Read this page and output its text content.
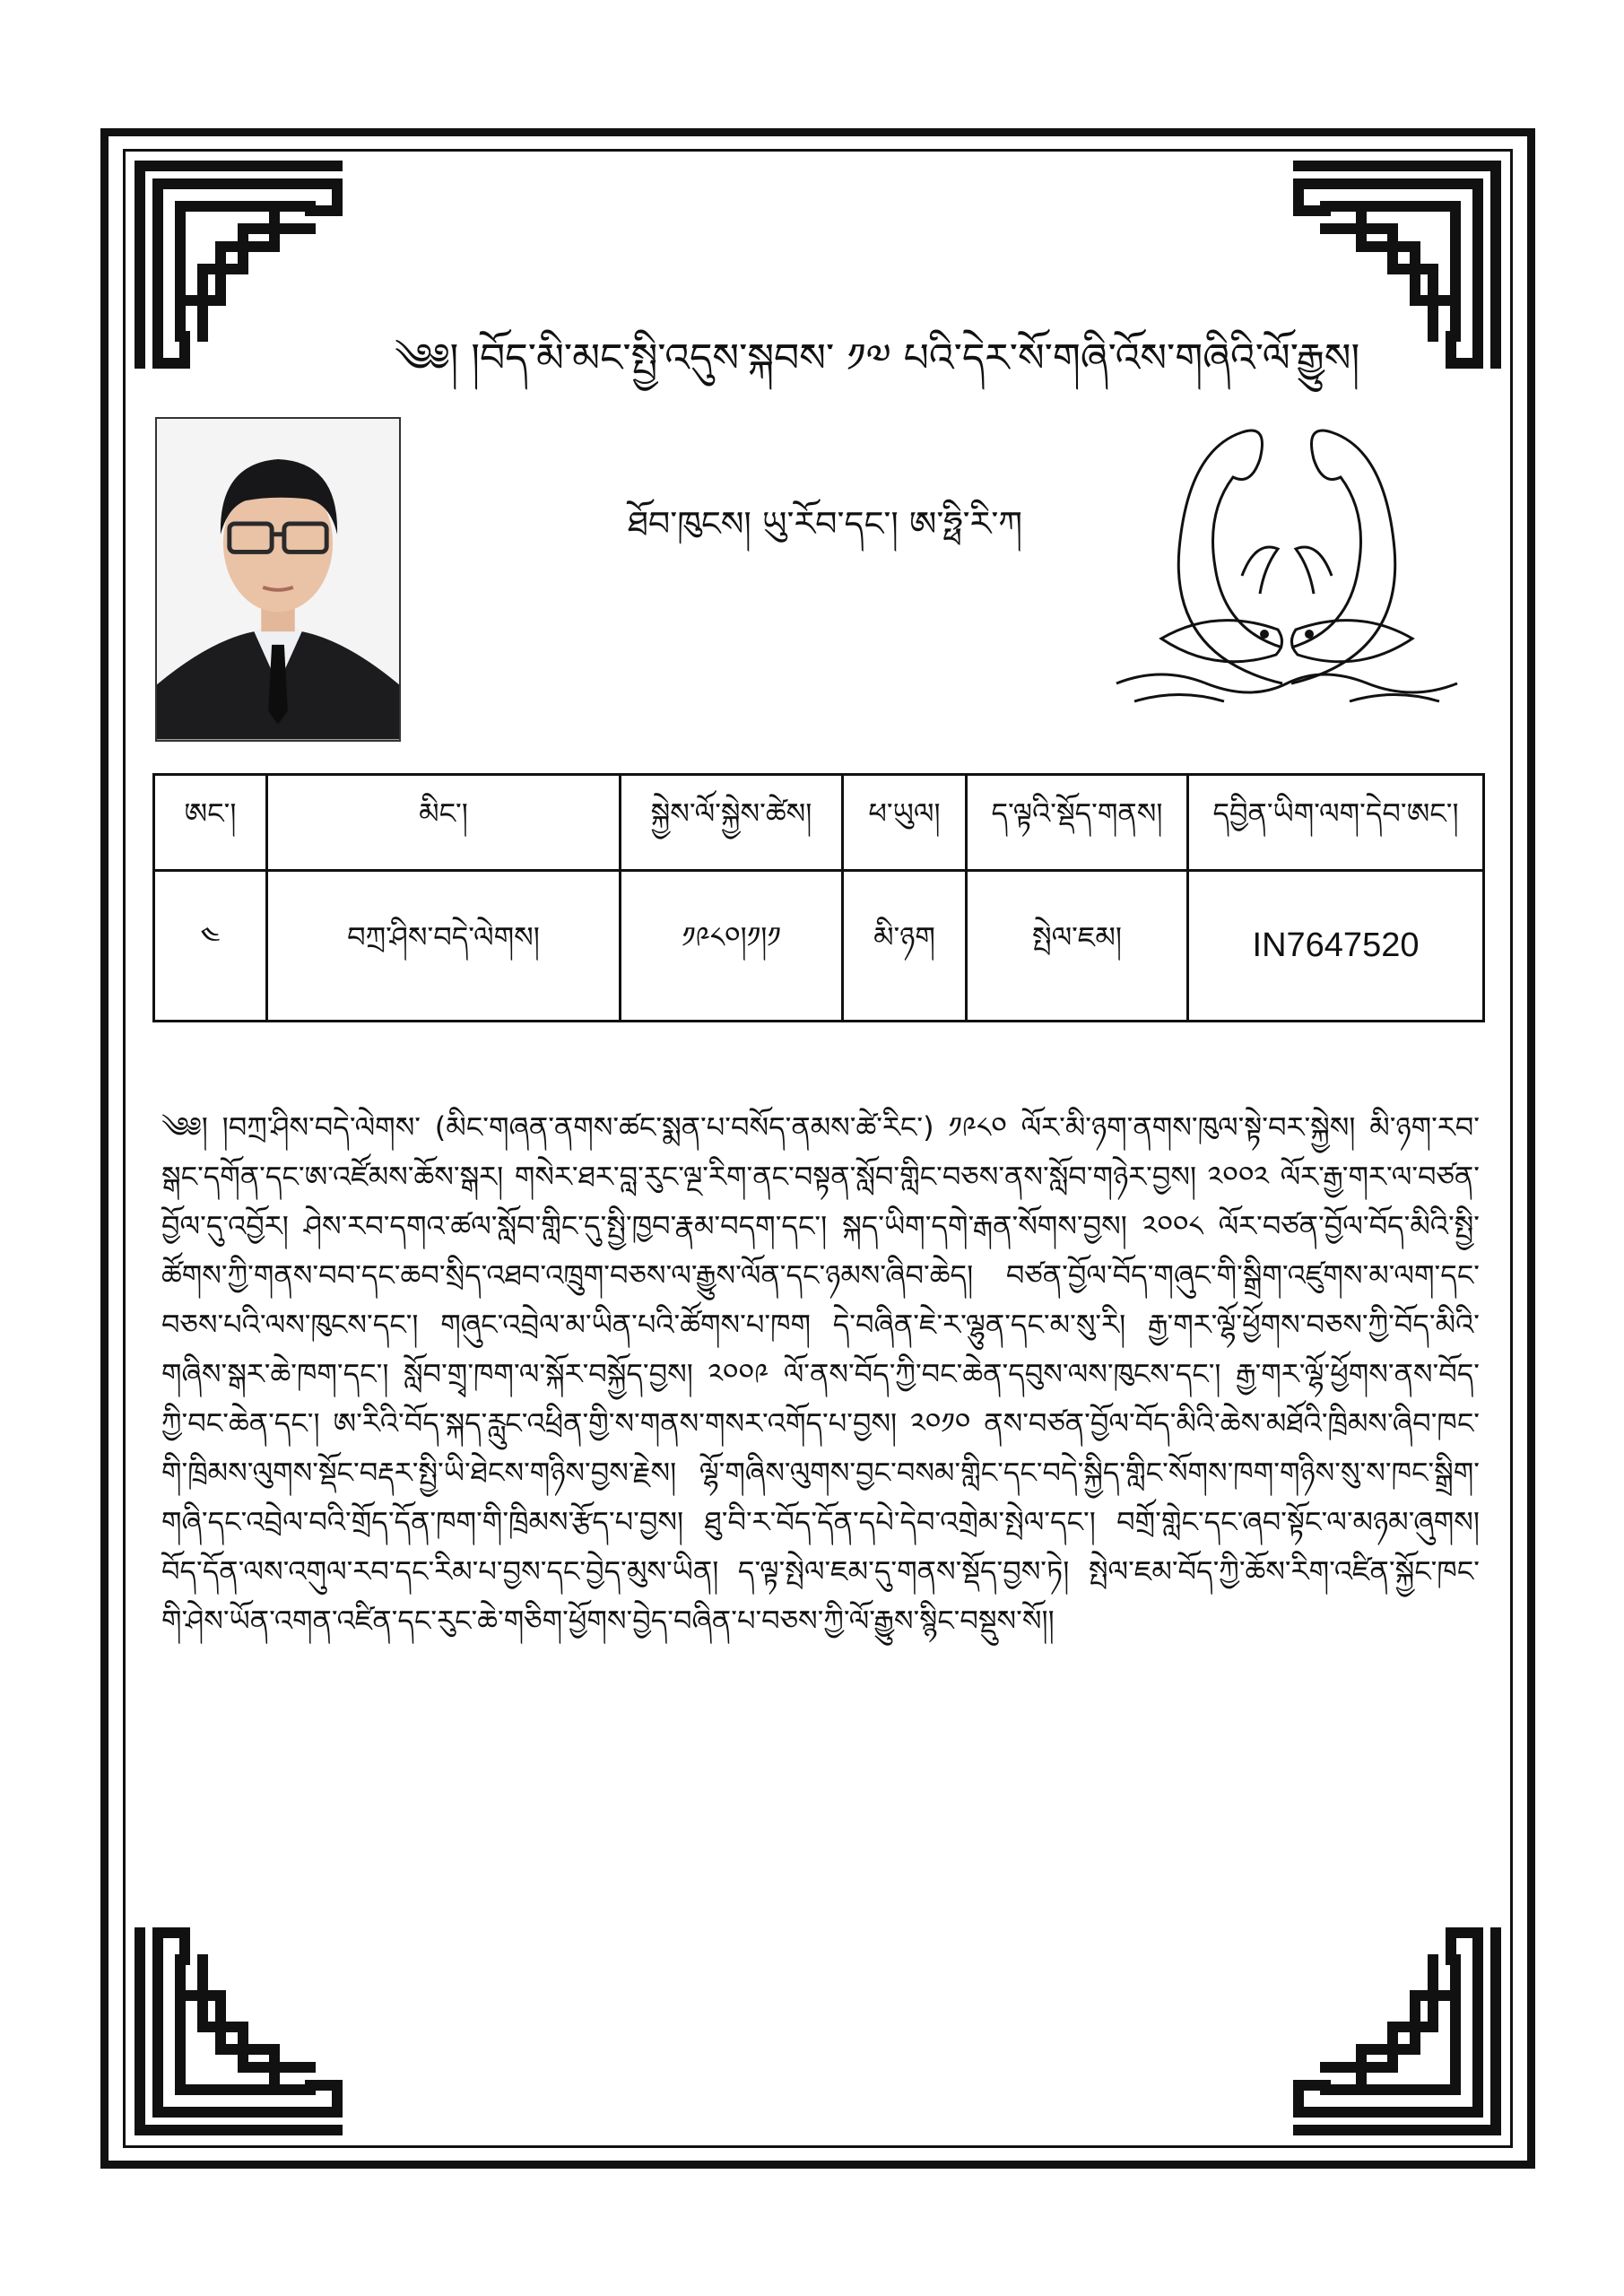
༄༅། །བོད་མི་མང་སྤྱི་འདུས་སྐབས་ ༡༧ པའི་དེར་སོ་གཞི་འོས་གཞིའི་ལོ་རྒྱུས།
ཐོབ་ཁུངས། ཡུ་རོབ་དང་། ཨ་ཧྥི་རི་ཀ
ཨང་།	མིང་།	སྐྱེས་ལོ་སྐྱེས་ཚེས།	ཕ་ཡུལ།	ད་ལྟའི་སྡོད་གནས།	དབྱིན་ཡིག་ལག་དེབ་ཨང་།
༤	བཀྲ་ཤིས་བདེ་ལེགས།	༡༩༨༠།༡།༡	མི་ཉག	སྤེལ་ཇམ།	IN7647520
༄༅། །བཀྲ་ཤིས་བདེ་ལེགས་ (མིང་གཞན་ནགས་ཚང་སྨན་པ་བསོད་ནམས་ཚེ་རིང་) ༡༩༨༠ ལོར་མི་ཉག་ནགས་ཁུལ་སྟེ་བར་སྐྱེས། མི་ཉག་རབ་སྒང་དགོན་དང་ཨ་འཛོམས་ཆོས་སྒར། གསེར་ཐར་བླ་རུང་ལྔ་རིག་ནང་བསྟན་སློབ་གླིང་བཅས་ནས་སློབ་གཉེར་བྱས། ༢༠༠༢ ལོར་རྒྱ་གར་ལ་བཙན་བྱོལ་དུ་འབྱོར། ཤེས་རབ་དགའ་ཚལ་སློབ་གླིང་དུ་སྤྱི་ཁྱབ་རྣམ་བདག་དང་། སྐད་ཡིག་དགེ་རྒན་སོགས་བྱས། ༢༠༠༨ ལོར་བཙན་བྱོལ་བོད་མིའི་སྤྱི་ཚོགས་ཀྱི་གནས་བབ་དང་ཆབ་སྲིད་འཐབ་འཁྲུག་བཅས་ལ་རྒྱུས་ལོན་དང་ཉམས་ཞིབ་ཆེད། བཙན་བྱོལ་བོད་གཞུང་གི་སྒྲིག་འཛུགས་མ་ལག་དང་བཅས་པའི་ལས་ཁུངས་དང་། གཞུང་འབྲེལ་མ་ཡིན་པའི་ཚོགས་པ་ཁག དེ་བཞིན་ཇེ་ར་ལྷུན་དང་མ་སུ་རི། རྒྱ་གར་ལྷོ་ཕྱོགས་བཅས་ཀྱི་བོད་མིའི་གཞིས་སྒར་ཆེ་ཁག་དང་། སློབ་གྲྭ་ཁག་ལ་སྐོར་བསྐྱོད་བྱས། ༢༠༠༩ ལོ་ནས་བོད་ཀྱི་བང་ཆེན་དབུས་ལས་ཁུངས་དང་། རྒྱ་གར་ལྷོ་ཕྱོགས་ནས་བོད་ཀྱི་བང་ཆེན་དང་། ཨ་རིའི་བོད་སྐད་རླུང་འཕྲིན་གྱི་ས་གནས་གསར་འགོད་པ་བྱས། ༢༠༡༠ ནས་བཙན་བྱོལ་བོད་མིའི་ཆེས་མཐོའི་ཁྲིམས་ཞིབ་ཁང་གི་ཁྲིམས་ལུགས་སྡོང་བརྡར་སྤྱི་ཡི་ཐེངས་གཉིས་བྱས་རྗེས། ལྷོ་གཞིས་ལུགས་བྱང་བསམ་གླིང་དང་བདེ་སྐྱིད་གླིང་སོགས་ཁག་གཉིས་སུ་ས་ཁང་སྒྲིག་གཞི་དང་འབྲེལ་བའི་གྲོད་དོན་ཁག་གི་ཁྲིམས་རྩོད་པ་བྱས། ཐུ་བི་ར་བོད་དོན་དཔེ་དེབ་འགྲེམ་སྤེལ་དང་། བགྲོ་གླེང་དང་ཞབ་སྟོང་ལ་མཉམ་ཞུགས། བོད་དོན་ལས་འགུལ་རབ་དང་རིམ་པ་བྱས་དང་བྱེད་མུས་ཡིན། ད་ལྟ་སྤེལ་ཇམ་དུ་གནས་སྡོད་བྱས་ཏེ། སྤེལ་ཇམ་བོད་ཀྱི་ཆོས་རིག་འཛིན་སྐྱོང་ཁང་གི་ཤེས་ཡོན་འགན་འཛིན་དང་རུང་ཆེ་གཅིག་ཕྱོགས་བྱེད་བཞིན་པ་བཅས་ཀྱི་ལོ་རྒྱུས་སྙིང་བསྡུས་སོ།།
